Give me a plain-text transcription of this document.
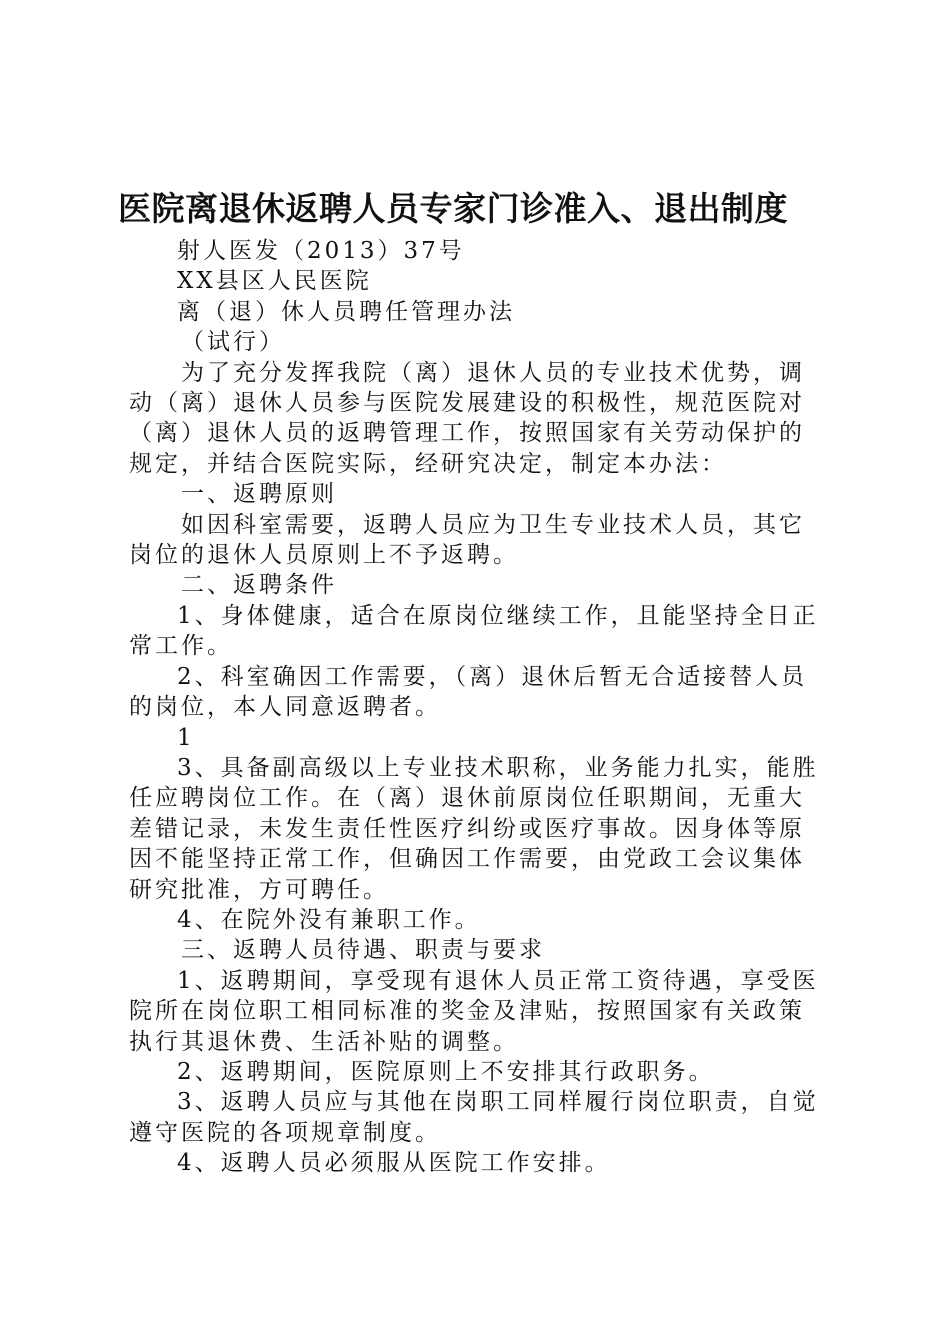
医院离退休返聘人员专家门诊准入、退出制度

射人医发（2013）37号

XX县区人民医院

离（退）休人员聘任管理办法

（试行）

为了充分发挥我院（离）退休人员的专业技术优势，调动（离）退休人员参与医院发展建设的积极性，规范医院对（离）退休人员的返聘管理工作，按照国家有关劳动保护的规定，并结合医院实际，经研究决定，制定本办法：

一、返聘原则

如因科室需要，返聘人员应为卫生专业技术人员，其它岗位的退休人员原则上不予返聘。

二、返聘条件

1、身体健康，适合在原岗位继续工作，且能坚持全日正常工作。

2、科室确因工作需要，（离）退休后暂无合适接替人员的岗位，本人同意返聘者。

1

3、具备副高级以上专业技术职称，业务能力扎实，能胜任应聘岗位工作。在（离）退休前原岗位任职期间，无重大差错记录，未发生责任性医疗纠纷或医疗事故。因身体等原因不能坚持正常工作，但确因工作需要，由党政工会议集体研究批准，方可聘任。

4、在院外没有兼职工作。

三、返聘人员待遇、职责与要求

1、返聘期间，享受现有退休人员正常工资待遇，享受医院所在岗位职工相同标准的奖金及津贴，按照国家有关政策执行其退休费、生活补贴的调整。

2、返聘期间，医院原则上不安排其行政职务。

3、返聘人员应与其他在岗职工同样履行岗位职责，自觉遵守医院的各项规章制度。

4、返聘人员必须服从医院工作安排。
